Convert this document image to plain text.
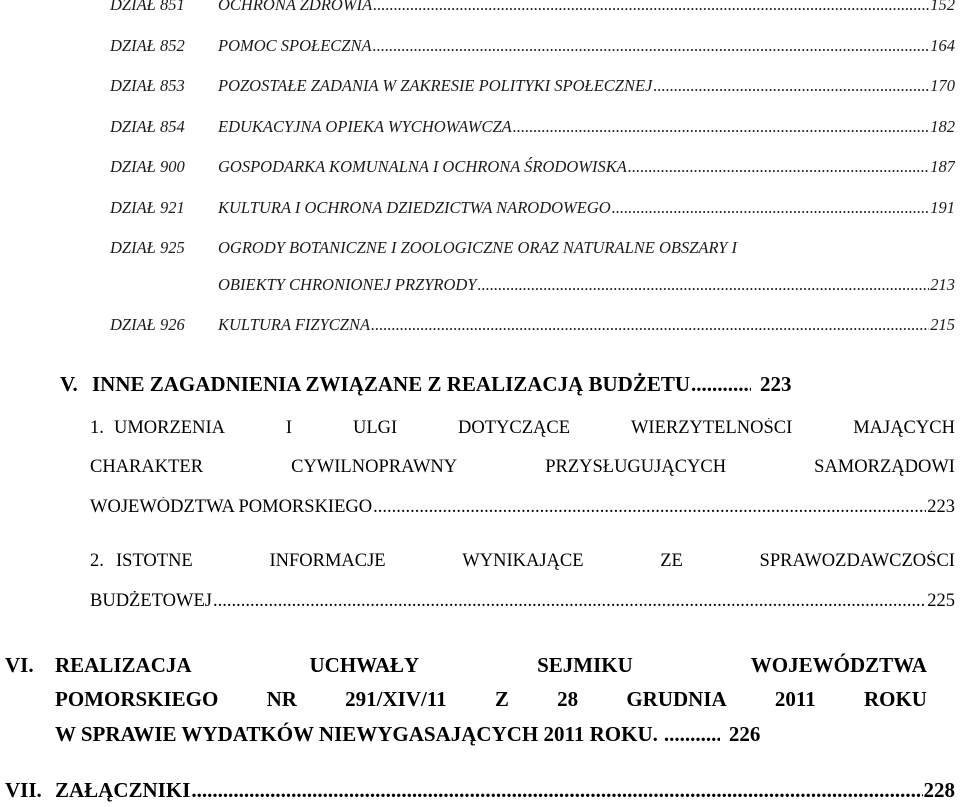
DZIAŁ 851	OCHRONA ZDROWIA .....	152
DZIAŁ 852	POMOC SPOŁECZNA .....	164
DZIAŁ 853	POZOSTAŁE ZADANIA W ZAKRESIE POLITYKI SPOŁECZNEJ .....	170
DZIAŁ 854	EDUKACYJNA OPIEKA WYCHOWAWCZA .....	182
DZIAŁ 900	GOSPODARKA KOMUNALNA I OCHRONA ŚRODOWISKA .....	187
DZIAŁ 921	KULTURA I OCHRONA DZIEDZICTWA NARODOWEGO .....	191
DZIAŁ 925	OGRODY BOTANICZNE I ZOOLOGICZNE ORAZ NATURALNE OBSZARY I
OBIEKTY CHRONIONEJ PRZYRODY .....	213
DZIAŁ 926	KULTURA FIZYCZNA .....	215
V. INNE ZAGADNIENIA ZWIĄZANE Z REALIZACJĄ BUDŻETU .....	223
1. UMORZENIA	I	ULGI	DOTYCZĄCE	WIERZYTELNOŚCI	MAJĄCYCH
CHARAKTER	CYWILNOPRAWNY	PRZYSŁUGUJĄCYCH	SAMORZĄDOWI
WOJEWÓDZTWA POMORSKIEGO .....	223
2. ISTOTNE	INFORMACJE	WYNIKAJĄCE	ZE	SPRAWOZDAWCZOŚCI
BUDŻETOWEJ .....	225
VI.	REALIZACJA	UCHWAŁY	SEJMIKU	WOJEWÓDZTWA
POMORSKIEGO NR 291/XIV/11 Z 28 GRUDNIA 2011 ROKU
W SPRAWIE WYDATKÓW NIEWYGASAJĄCYCH 2011 ROKU. .....	226
VII. ZAŁĄCZNIKI .....	228
